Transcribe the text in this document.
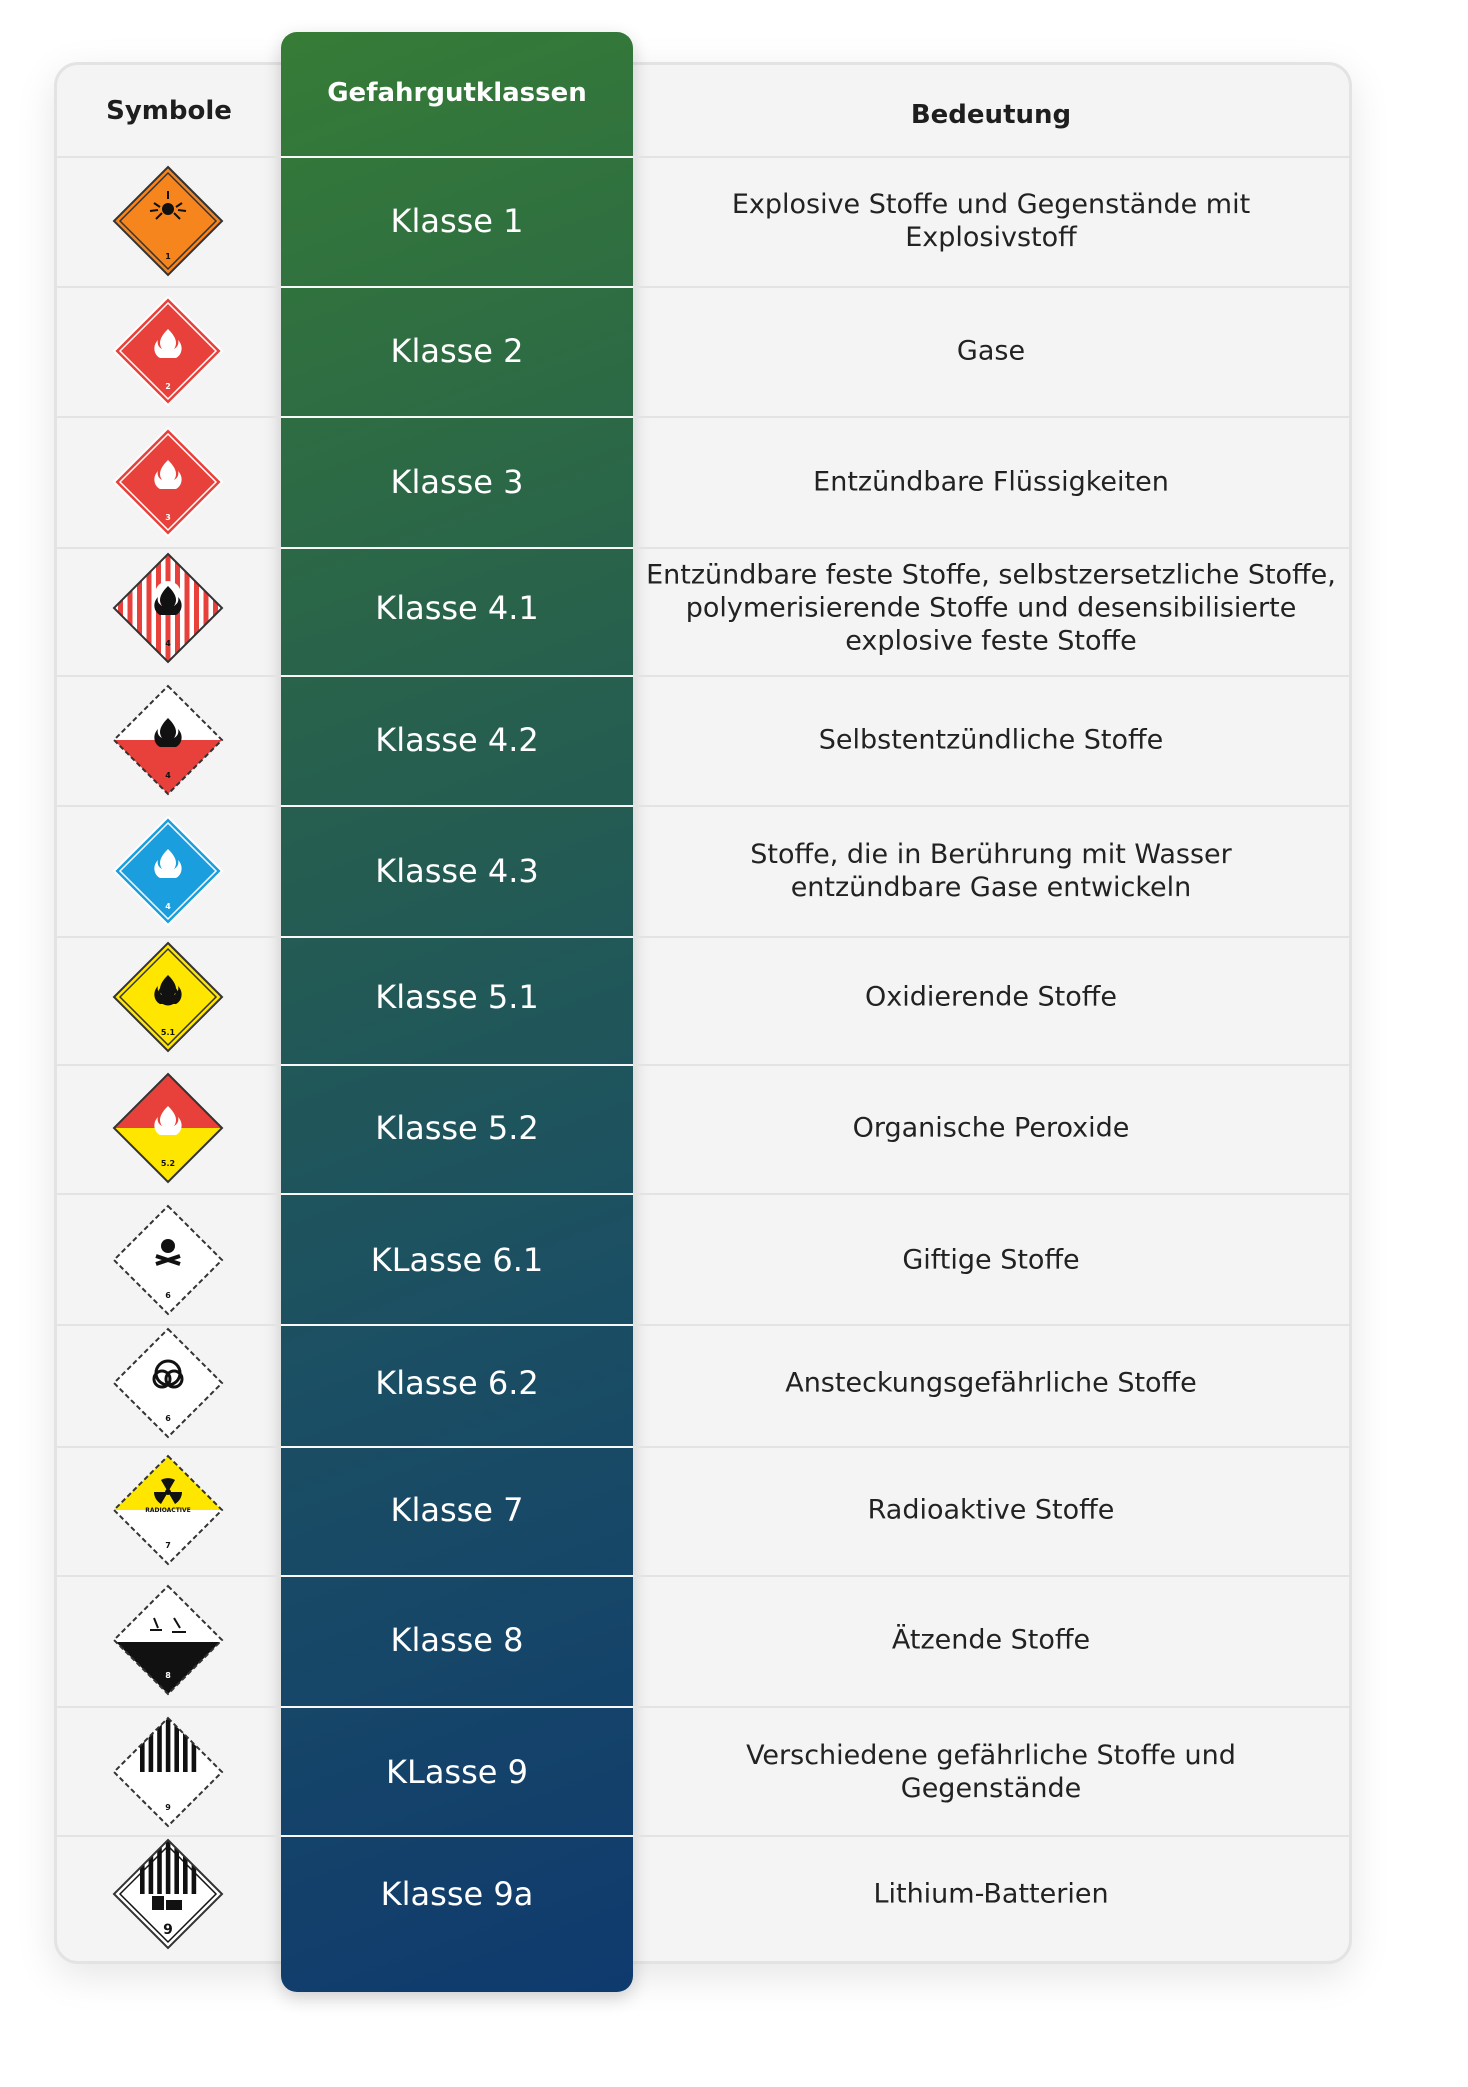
Symbole
Gefahrgutklassen
Bedeutung
Klasse 1	Explosive Stoffe und Gegenstände mit
Explosivstoff
1
Klasse 2	Gase
2
Klasse 3	Entzündbare Flüssigkeiten
3
Klasse 4.1
Entzündbare feste Stoffe, selbstzersetzliche Stoffe,
polymerisierende Stoffe und desensibilisierte
explosive feste Stoffe
4
Klasse 4.2	Selbstentzündliche Stoffe
4
Klasse 4.3	Stoffe, die in Berührung mit Wasser
entzündbare Gase entwickeln
4
Klasse 5.1	Oxidierende Stoffe
5.1
Klasse 5.2	Organische Peroxide
5.2
KLasse 6.1	Giftige Stoffe
6
Klasse 6.2	Ansteckungsgefährliche Stoffe
6
Klasse 7	Radioaktive Stoffe
RADIOACTIVE
7
Klasse 8	Ätzende Stoffe
8
KLasse 9	Verschiedene gefährliche Stoffe und
Gegenstände
9
Klasse 9a	Lithium-Batterien
9
